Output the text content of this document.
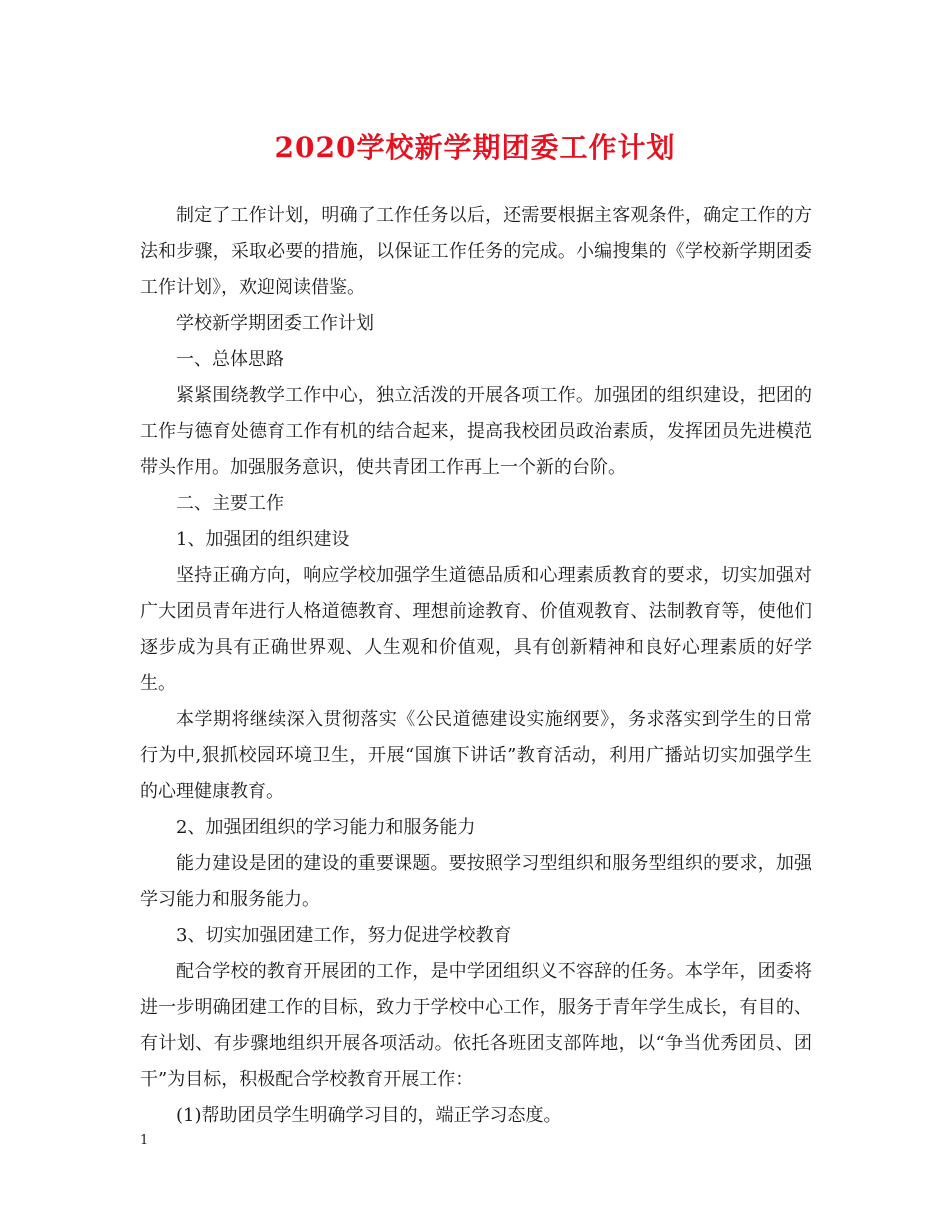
2020学校新学期团委工作计划

制定了工作计划，明确了工作任务以后，还需要根据主客观条件，确定工作的方法和步骤，采取必要的措施，以保证工作任务的完成。小编搜集的《学校新学期团委工作计划》，欢迎阅读借鉴。

学校新学期团委工作计划

一、总体思路

紧紧围绕教学工作中心，独立活泼的开展各项工作。加强团的组织建设，把团的工作与德育处德育工作有机的结合起来，提高我校团员政治素质，发挥团员先进模范带头作用。加强服务意识，使共青团工作再上一个新的台阶。

二、主要工作

1、加强团的组织建设

坚持正确方向，响应学校加强学生道德品质和心理素质教育的要求，切实加强对广大团员青年进行人格道德教育、理想前途教育、价值观教育、法制教育等，使他们逐步成为具有正确世界观、人生观和价值观，具有创新精神和良好心理素质的好学生。

本学期将继续深入贯彻落实《公民道德建设实施纲要》，务求落实到学生的日常行为中,狠抓校园环境卫生，开展“国旗下讲话”教育活动，利用广播站切实加强学生的心理健康教育。

2、加强团组织的学习能力和服务能力

能力建设是团的建设的重要课题。要按照学习型组织和服务型组织的要求，加强学习能力和服务能力。

3、切实加强团建工作，努力促进学校教育

配合学校的教育开展团的工作，是中学团组织义不容辞的任务。本学年，团委将进一步明确团建工作的目标，致力于学校中心工作，服务于青年学生成长，有目的、有计划、有步骤地组织开展各项活动。依托各班团支部阵地，以“争当优秀团员、团干”为目标，积极配合学校教育开展工作：

(1)帮助团员学生明确学习目的，端正学习态度。

1
